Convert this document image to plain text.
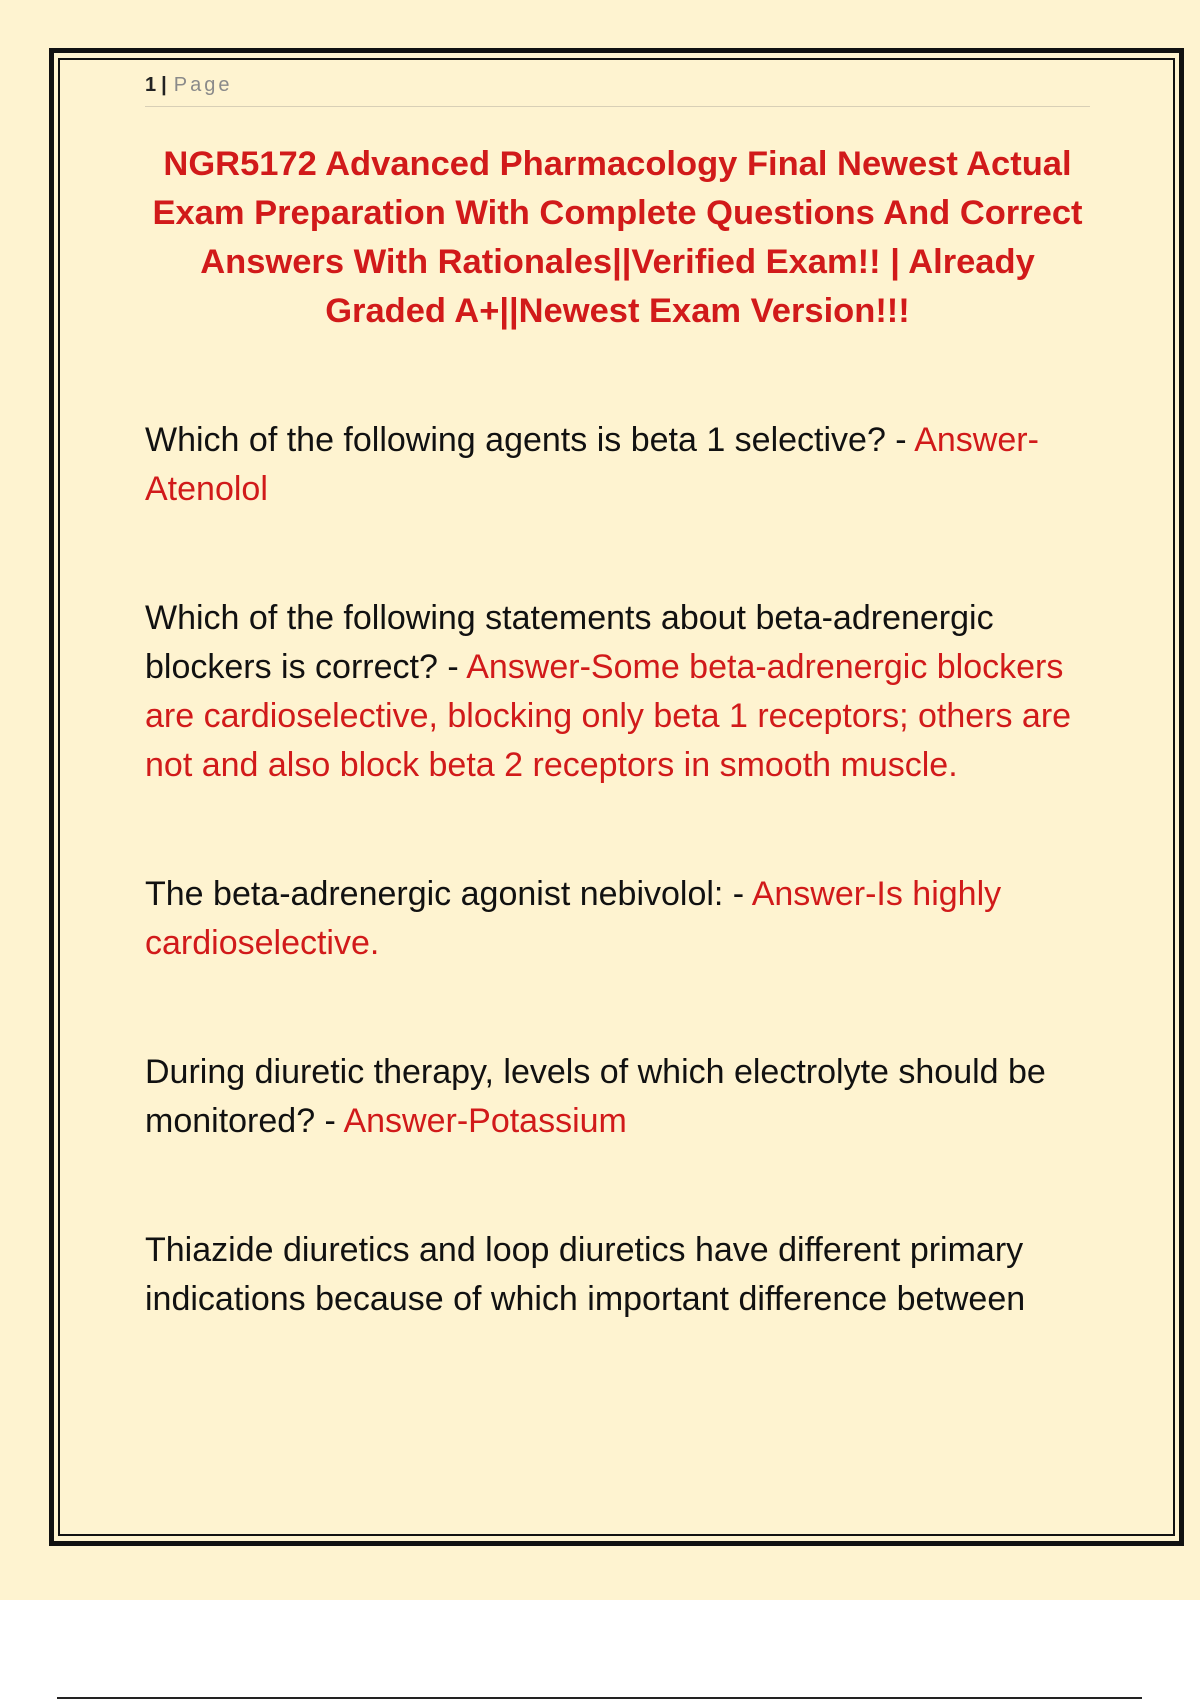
1 | Page
NGR5172 Advanced Pharmacology Final Newest Actual Exam Preparation With Complete Questions And Correct Answers With Rationales||Verified Exam!! | Already Graded A+||Newest Exam Version!!!

Which of the following agents is beta 1 selective? - Answer-Atenolol

Which of the following statements about beta-adrenergic blockers is correct? - Answer-Some beta-adrenergic blockers are cardioselective, blocking only beta 1 receptors; others are not and also block beta 2 receptors in smooth muscle.

The beta-adrenergic agonist nebivolol: - Answer-Is highly cardioselective.

During diuretic therapy, levels of which electrolyte should be monitored? - Answer-Potassium

Thiazide diuretics and loop diuretics have different primary indications because of which important difference between
